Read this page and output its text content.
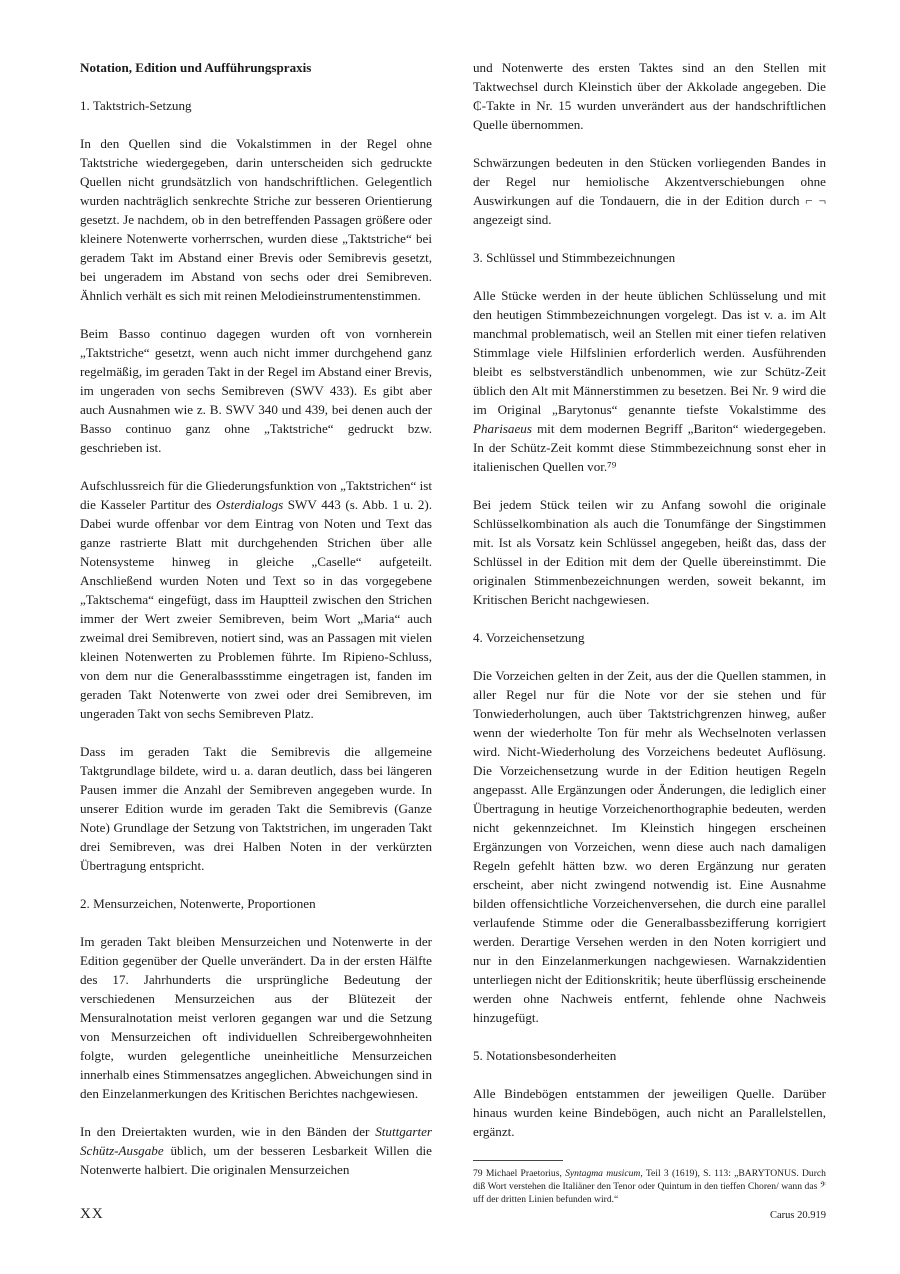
Notation, Edition und Aufführungspraxis
1. Taktstrich-Setzung

In den Quellen sind die Vokalstimmen in der Regel ohne Taktstriche wiedergegeben, darin unterscheiden sich gedruckte Quellen nicht grundsätzlich von handschriftlichen. Gelegentlich wurden nachträglich senkrechte Striche zur besseren Orientierung gesetzt. Je nachdem, ob in den betreffenden Passagen größere oder kleinere Notenwerte vorherrschen, wurden diese „Taktstriche“ bei geradem Takt im Abstand einer Brevis oder Semibrevis gesetzt, bei ungeradem im Abstand von sechs oder drei Semibreven. Ähnlich verhält es sich mit reinen Melodieinstrumentenstimmen.

Beim Basso continuo dagegen wurden oft von vornherein „Taktstriche“ gesetzt, wenn auch nicht immer durchgehend ganz regelmäßig, im geraden Takt in der Regel im Abstand einer Brevis, im ungeraden von sechs Semibreven (SWV 433). Es gibt aber auch Ausnahmen wie z. B. SWV 340 und 439, bei denen auch der Basso continuo ganz ohne „Taktstriche“ gedruckt bzw. geschrieben ist.

Aufschlussreich für die Gliederungsfunktion von „Taktstrichen“ ist die Kasseler Partitur des Osterdialogs SWV 443 (s. Abb. 1 u. 2). Dabei wurde offenbar vor dem Eintrag von Noten und Text das ganze rastrierte Blatt mit durchgehenden Strichen über alle Notensysteme hinweg in gleiche „Caselle“ aufgeteilt. Anschließend wurden Noten und Text so in das vorgegebene „Taktschema“ eingefügt, dass im Hauptteil zwischen den Strichen immer der Wert zweier Semibreven, beim Wort „Maria“ auch zweimal drei Semibreven, notiert sind, was an Passagen mit vielen kleinen Notenwerten zu Problemen führte. Im Ripieno-Schluss, von dem nur die Generalbassstimme eingetragen ist, fanden im geraden Takt Notenwerte von zwei oder drei Semibreven, im ungeraden Takt von sechs Semibreven Platz.

Dass im geraden Takt die Semibrevis die allgemeine Taktgrundlage bildete, wird u. a. daran deutlich, dass bei längeren Pausen immer die Anzahl der Semibreven angegeben wurde. In unserer Edition wurde im geraden Takt die Semibrevis (Ganze Note) Grundlage der Setzung von Taktstrichen, im ungeraden Takt drei Semibreven, was drei Halben Noten in der verkürzten Übertragung entspricht.

2. Mensurzeichen, Notenwerte, Proportionen

Im geraden Takt bleiben Mensurzeichen und Notenwerte in der Edition gegenüber der Quelle unverändert. Da in der ersten Hälfte des 17. Jahrhunderts die ursprüngliche Bedeutung der verschiedenen Mensurzeichen aus der Blütezeit der Mensuralnotation meist verloren gegangen war und die Setzung von Mensurzeichen oft individuellen Schreibergewohnheiten folgte, wurden gelegentliche uneinheitliche Mensurzeichen innerhalb eines Stimmensatzes angeglichen. Abweichungen sind in den Einzelanmerkungen des Kritischen Berichtes nachgewiesen.

In den Dreiertakten wurden, wie in den Bänden der Stuttgarter Schütz-Ausgabe üblich, um der besseren Lesbarkeit Willen die Notenwerte halbiert. Die originalen Mensurzeichen

und Notenwerte des ersten Taktes sind an den Stellen mit Taktwechsel durch Kleinstich über der Akkolade angegeben. Die ₵-Takte in Nr. 15 wurden unverändert aus der handschriftlichen Quelle übernommen.

Schwärzungen bedeuten in den Stücken vorliegenden Bandes in der Regel nur hemiolische Akzentverschiebungen ohne Auswirkungen auf die Tondauern, die in der Edition durch ⌐ ¬ angezeigt sind.

3. Schlüssel und Stimmbezeichnungen

Alle Stücke werden in der heute üblichen Schlüsselung und mit den heutigen Stimmbezeichnungen vorgelegt. Das ist v. a. im Alt manchmal problematisch, weil an Stellen mit einer tiefen relativen Stimmlage viele Hilfslinien erforderlich werden. Ausführenden bleibt es selbstverständlich unbenommen, wie zur Schütz-Zeit üblich den Alt mit Männerstimmen zu besetzen. Bei Nr. 9 wird die im Original „Barytonus“ genannte tiefste Vokalstimme des Pharisaeus mit dem modernen Begriff „Bariton“ wiedergegeben. In der Schütz-Zeit kommt diese Stimmbezeichnung sonst eher in italienischen Quellen vor.⁷⁹

Bei jedem Stück teilen wir zu Anfang sowohl die originale Schlüsselkombination als auch die Tonumfänge der Singstimmen mit. Ist als Vorsatz kein Schlüssel angegeben, heißt das, dass der Schlüssel in der Edition mit dem der Quelle übereinstimmt. Die originalen Stimmenbezeichnungen werden, soweit bekannt, im Kritischen Bericht nachgewiesen.

4. Vorzeichensetzung

Die Vorzeichen gelten in der Zeit, aus der die Quellen stammen, in aller Regel nur für die Note vor der sie stehen und für Tonwiederholungen, auch über Taktstrichgrenzen hinweg, außer wenn der wiederholte Ton für mehr als Wechselnoten verlassen wird. Nicht-Wiederholung des Vorzeichens bedeutet Auflösung. Die Vorzeichensetzung wurde in der Edition heutigen Regeln angepasst. Alle Ergänzungen oder Änderungen, die lediglich einer Übertragung in heutige Vorzeichenorthographie bedeuten, werden nicht gekennzeichnet. Im Kleinstich hingegen erscheinen Ergänzungen von Vorzeichen, wenn diese auch nach damaligen Regeln gefehlt hätten bzw. wo deren Ergänzung nur geraten erscheint, aber nicht zwingend notwendig ist. Eine Ausnahme bilden offensichtliche Vorzeichenversehen, die durch eine parallel verlaufende Stimme oder die Generalbassbezifferung korrigiert werden. Derartige Versehen werden in den Noten korrigiert und nur in den Einzelanmerkungen nachgewiesen. Warnakzidentien unterliegen nicht der Editionskritik; heute überflüssig erscheinende werden ohne Nachweis entfernt, fehlende ohne Nachweis hinzugefügt.

5. Notationsbesonderheiten

Alle Bindebögen entstammen der jeweiligen Quelle. Darüber hinaus wurden keine Bindebögen, auch nicht an Parallelstellen, ergänzt.

79 Michael Praetorius, Syntagma musicum, Teil 3 (1619), S. 113: „BARYTONUS. Durch diß Wort verstehen die Italiäner den Tenor oder Quintum in den tieffen Choren/ wann das 𝄢 uff der dritten Linien befunden wird.“

XX	Carus 20.919
